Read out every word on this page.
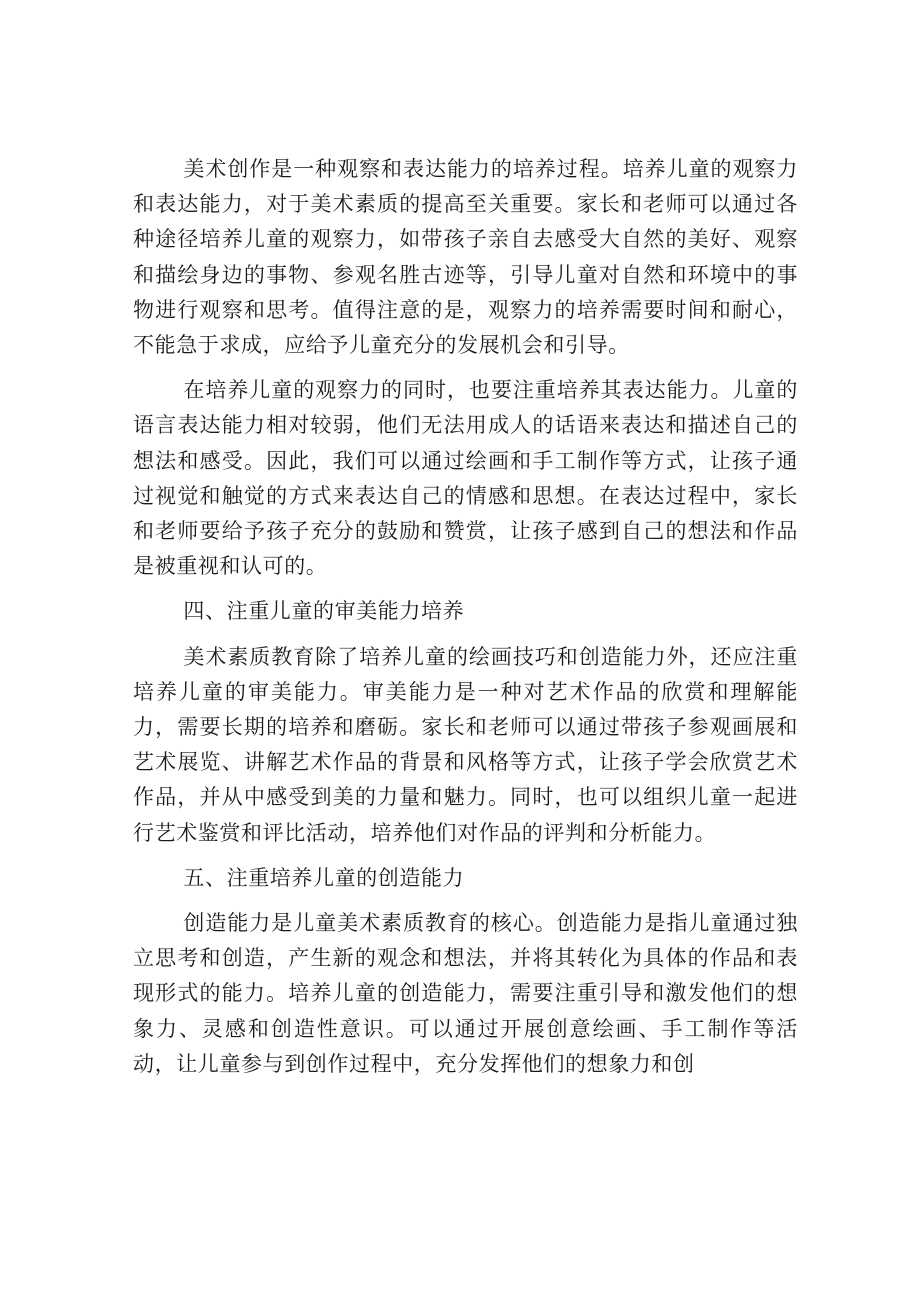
美术创作是一种观察和表达能力的培养过程。培养儿童的观察力和表达能力，对于美术素质的提高至关重要。家长和老师可以通过各种途径培养儿童的观察力，如带孩子亲自去感受大自然的美好、观察和描绘身边的事物、参观名胜古迹等，引导儿童对自然和环境中的事物进行观察和思考。值得注意的是，观察力的培养需要时间和耐心，不能急于求成，应给予儿童充分的发展机会和引导。

在培养儿童的观察力的同时，也要注重培养其表达能力。儿童的语言表达能力相对较弱，他们无法用成人的话语来表达和描述自己的想法和感受。因此，我们可以通过绘画和手工制作等方式，让孩子通过视觉和触觉的方式来表达自己的情感和思想。在表达过程中，家长和老师要给予孩子充分的鼓励和赞赏，让孩子感到自己的想法和作品是被重视和认可的。

四、注重儿童的审美能力培养

美术素质教育除了培养儿童的绘画技巧和创造能力外，还应注重培养儿童的审美能力。审美能力是一种对艺术作品的欣赏和理解能力，需要长期的培养和磨砺。家长和老师可以通过带孩子参观画展和艺术展览、讲解艺术作品的背景和风格等方式，让孩子学会欣赏艺术作品，并从中感受到美的力量和魅力。同时，也可以组织儿童一起进行艺术鉴赏和评比活动，培养他们对作品的评判和分析能力。

五、注重培养儿童的创造能力

创造能力是儿童美术素质教育的核心。创造能力是指儿童通过独立思考和创造，产生新的观念和想法，并将其转化为具体的作品和表现形式的能力。培养儿童的创造能力，需要注重引导和激发他们的想象力、灵感和创造性意识。可以通过开展创意绘画、手工制作等活动，让儿童参与到创作过程中，充分发挥他们的想象力和创
